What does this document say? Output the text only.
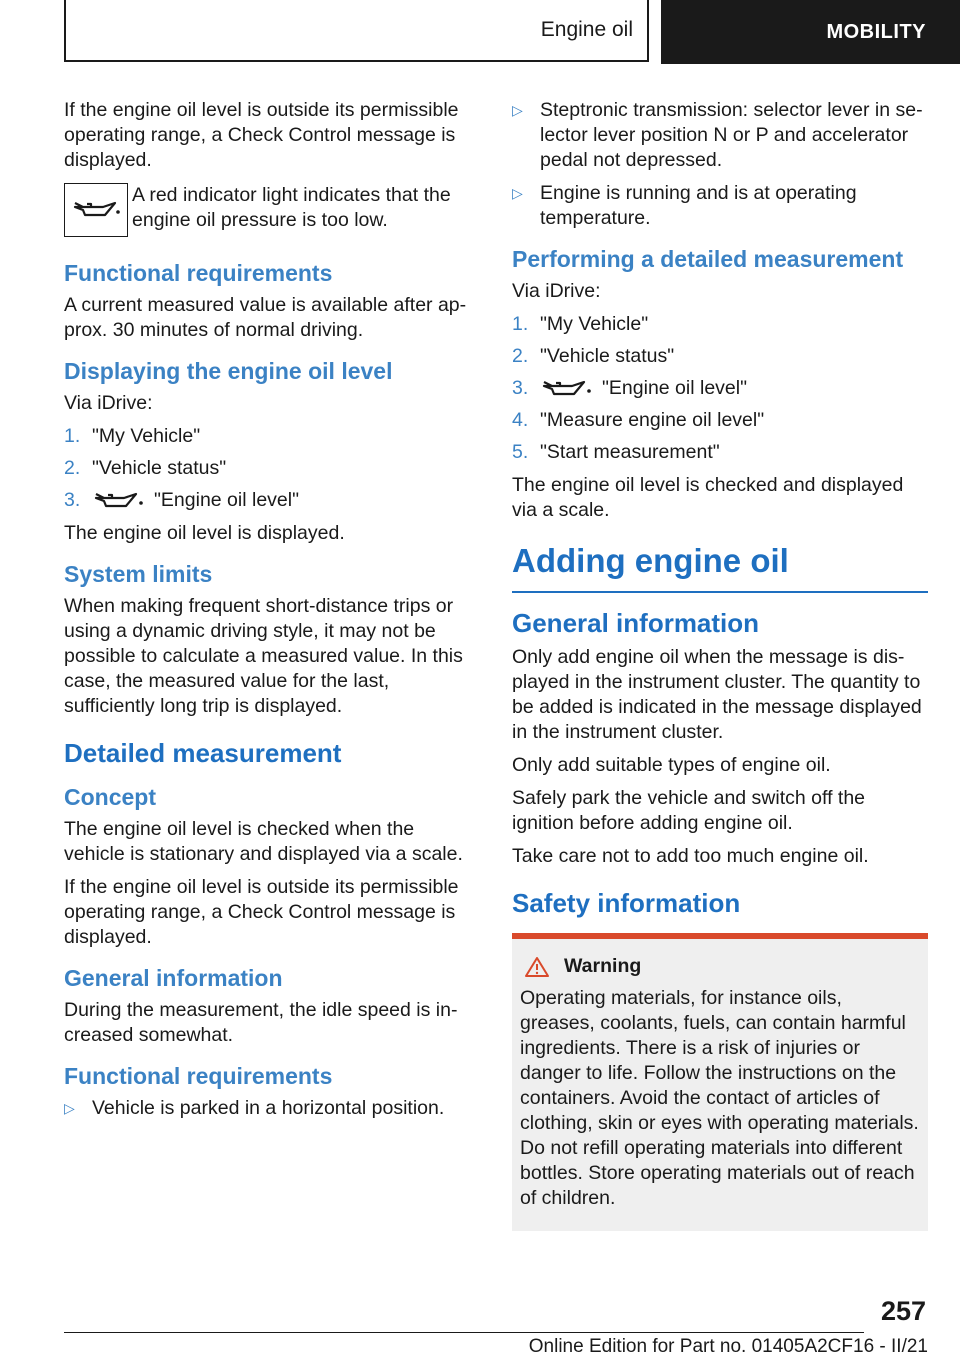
Engine oil	MOBILITY

If the engine oil level is outside its permissible operating range, a Check Control message is displayed.

A red indicator light indicates that the engine oil pressure is too low.
Functional requirements

A current measured value is available after approx. 30 minutes of normal driving.

Displaying the engine oil level

Via iDrive:

1. "My Vehicle"
2. "Vehicle status"
3.	"Engine oil level"

The engine oil level is displayed.

System limits

When making frequent short-distance trips or using a dynamic driving style, it may not be possible to calculate a measured value. In this case, the measured value for the last, sufficiently long trip is displayed.

Detailed measurement
Concept

The engine oil level is checked when the vehicle is stationary and displayed via a scale.

If the engine oil level is outside its permissible operating range, a Check Control message is displayed.

General information

During the measurement, the idle speed is increased somewhat.

Functional requirements
▷ Vehicle is parked in a horizontal position.
▷ Steptronic transmission: selector lever in selector lever position N or P and accelerator pedal not depressed.
▷ Engine is running and is at operating temperature.
Performing a detailed measurement

Via iDrive:

1. "My Vehicle"
2. "Vehicle status"
3.	"Engine oil level"
4. "Measure engine oil level"
5. "Start measurement"

The engine oil level is checked and displayed via a scale.

Adding engine oil
General information

Only add engine oil when the message is displayed in the instrument cluster. The quantity to be added is indicated in the message displayed in the instrument cluster.

Only add suitable types of engine oil.

Safely park the vehicle and switch off the ignition before adding engine oil.

Take care not to add too much engine oil.

Safety information
Warning

Operating materials, for instance oils, greases, coolants, fuels, can contain harmful ingredients. There is a risk of injuries or danger to life. Follow the instructions on the containers. Avoid the contact of articles of clothing, skin or eyes with operating materials. Do not refill operating materials into different bottles. Store operating materials out of reach of children.

257
Online Edition for Part no. 01405A2CF16 - II/21
